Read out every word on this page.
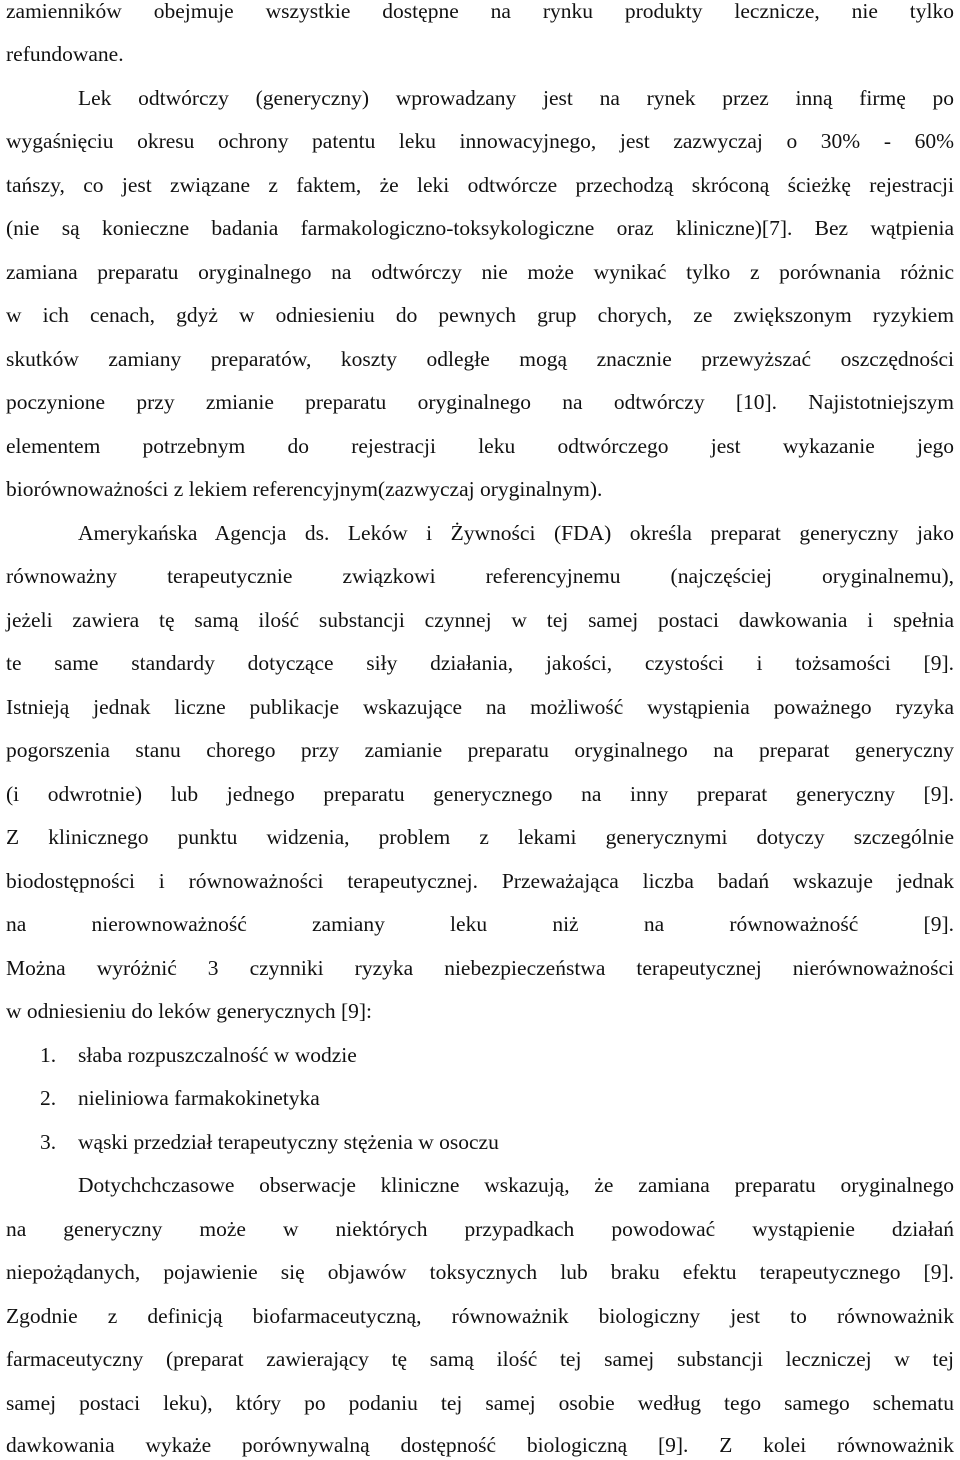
zamienników obejmuje wszystkie dostępne na rynku produkty lecznicze, nie tylko
refundowane.
Lek odtwórczy (generyczny) wprowadzany jest na rynek przez inną firmę po
wygaśnięciu okresu ochrony patentu leku innowacyjnego, jest zazwyczaj o 30% - 60%
tańszy, co jest związane z faktem, że leki odtwórcze przechodzą skróconą ścieżkę rejestracji
(nie są konieczne badania farmakologiczno-toksykologiczne oraz kliniczne)[7]. Bez wątpienia
zamiana preparatu oryginalnego na odtwórczy nie może wynikać tylko z porównania różnic
w ich cenach, gdyż w odniesieniu do pewnych grup chorych, ze zwiększonym ryzykiem
skutków zamiany preparatów, koszty odległe mogą znacznie przewyższać oszczędności
poczynione przy zmianie preparatu oryginalnego na odtwórczy [10]. Najistotniejszym
elementem potrzebnym do rejestracji leku odtwórczego jest wykazanie jego
biorównoważności z lekiem referencyjnym(zazwyczaj oryginalnym).
Amerykańska Agencja ds. Leków i Żywności (FDA) określa preparat generyczny jako
równoważny terapeutycznie związkowi referencyjnemu (najczęściej oryginalnemu),
jeżeli zawiera tę samą ilość substancji czynnej w tej samej postaci dawkowania i spełnia
te same standardy dotyczące siły działania, jakości, czystości i tożsamości [9].
Istnieją jednak liczne publikacje wskazujące na możliwość wystąpienia poważnego ryzyka
pogorszenia stanu chorego przy zamianie preparatu oryginalnego na preparat generyczny
(i odwrotnie) lub jednego preparatu generycznego na inny preparat generyczny [9].
Z klinicznego punktu widzenia, problem z lekami generycznymi dotyczy szczególnie
biodostępności i równoważności terapeutycznej. Przeważająca liczba badań wskazuje jednak
na nierownoważność zamiany leku niż na równoważność [9].
Można wyróżnić 3 czynniki ryzyka niebezpieczeństwa terapeutycznej nierównoważności
w odniesieniu do leków generycznych [9]:
1. słaba rozpuszczalność w wodzie
2. nieliniowa farmakokinetyka
3. wąski przedział terapeutyczny stężenia w osoczu
Dotychchczasowe obserwacje kliniczne wskazują, że zamiana preparatu oryginalnego
na generyczny może w niektórych przypadkach powodować wystąpienie działań
niepożądanych, pojawienie się objawów toksycznych lub braku efektu terapeutycznego [9].
Zgodnie z definicją biofarmaceutyczną, równoważnik biologiczny jest to równoważnik
farmaceutyczny (preparat zawierający tę samą ilość tej samej substancji leczniczej w tej
samej postaci leku), który po podaniu tej samej osobie według tego samego schematu
dawkowania wykaże porównywalną dostępność biologiczną [9]. Z kolei równoważnik
